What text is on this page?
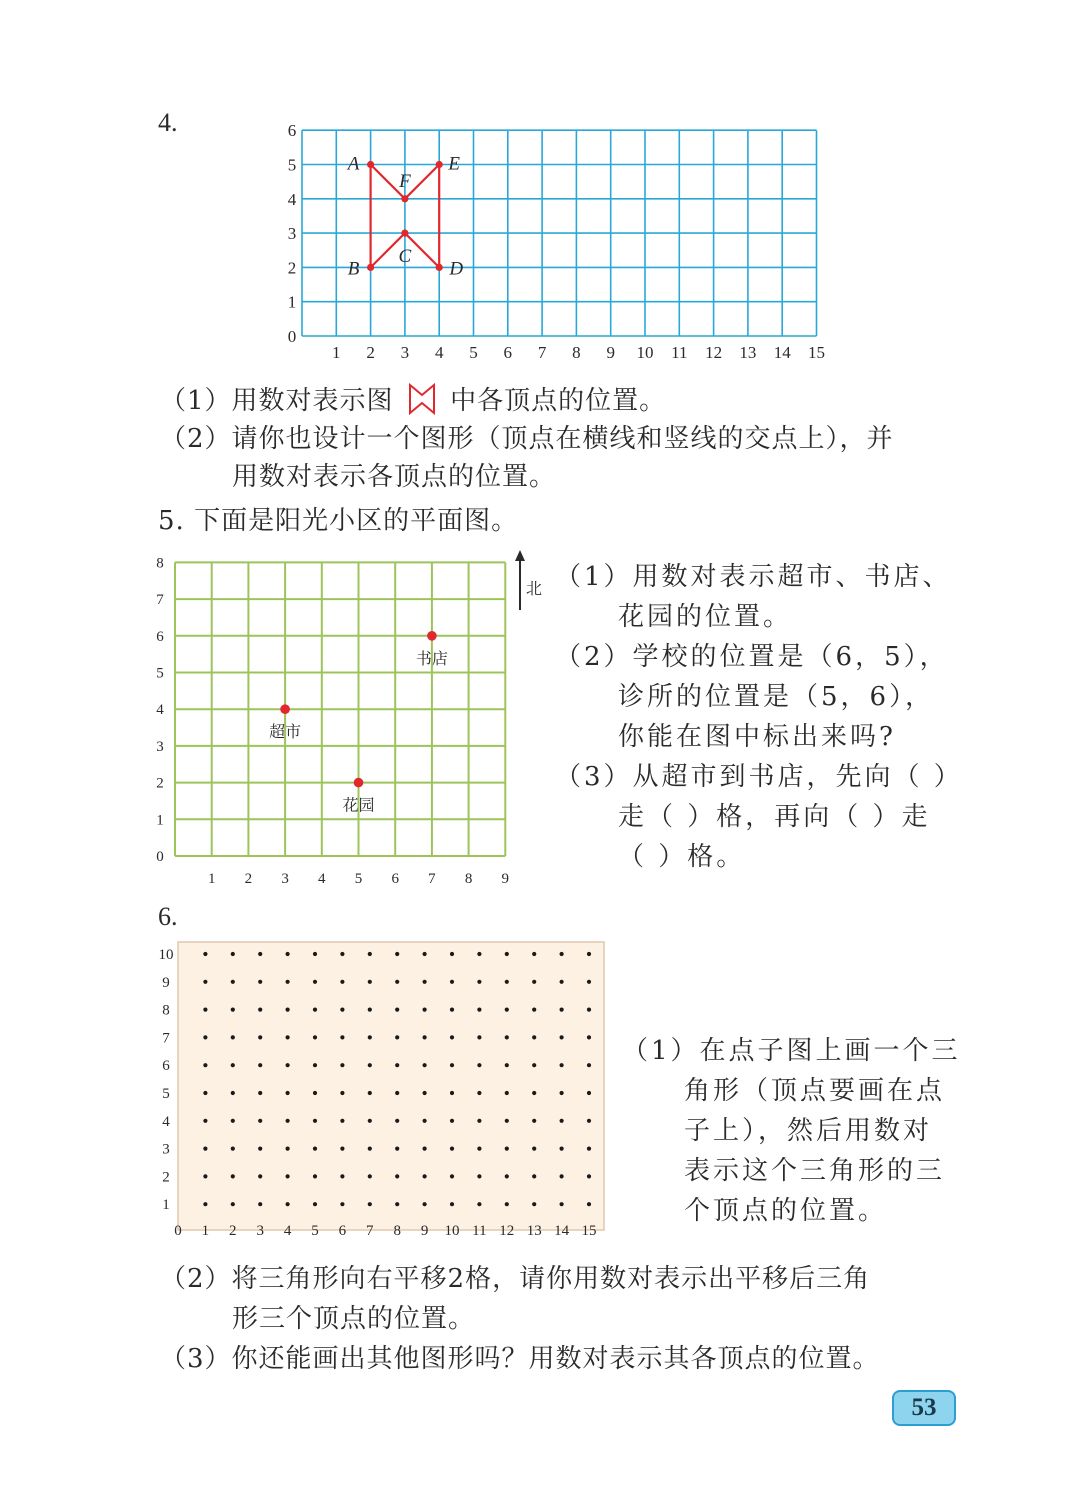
4.
1 2 3 4 5 6 7 8 9 10 11 12 13 14 15
0
1
2
3
4
5
6
A	E
F
C
B	D
（1）用数对表示图 中各顶点的位置。
（2）请你也设计一个图形（顶点在横线和竖线的交点上），并
用数对表示各顶点的位置。
5. 下面是阳光小区的平面图。
1 2 3 4 5 6 7 8 9
0
1
2
3
4
5
6
7
8
书店
超市
花园
北 （1）用数对表示超市、书店、
花园的位置。
（2）学校的位置是（6，5），
诊所的位置是（5，6），
你能在图中标出来吗?
（3）从超市到书店，先向（ ）
走（ ）格，再向（ ）走
（ ）格。
6.
0 1 2 3 4 5 6 7 8 9 10 11 12 13 14 15
1
2
3
4
5
6
7
8
9
10
（1）在点子图上画一个三
角形（顶点要画在点
子上），然后用数对
表示这个三角形的三
个顶点的位置。
（2）将三角形向右平移2格，请你用数对表示出平移后三角
形三个顶点的位置。
（3）你还能画出其他图形吗？用数对表示其各顶点的位置。
53
